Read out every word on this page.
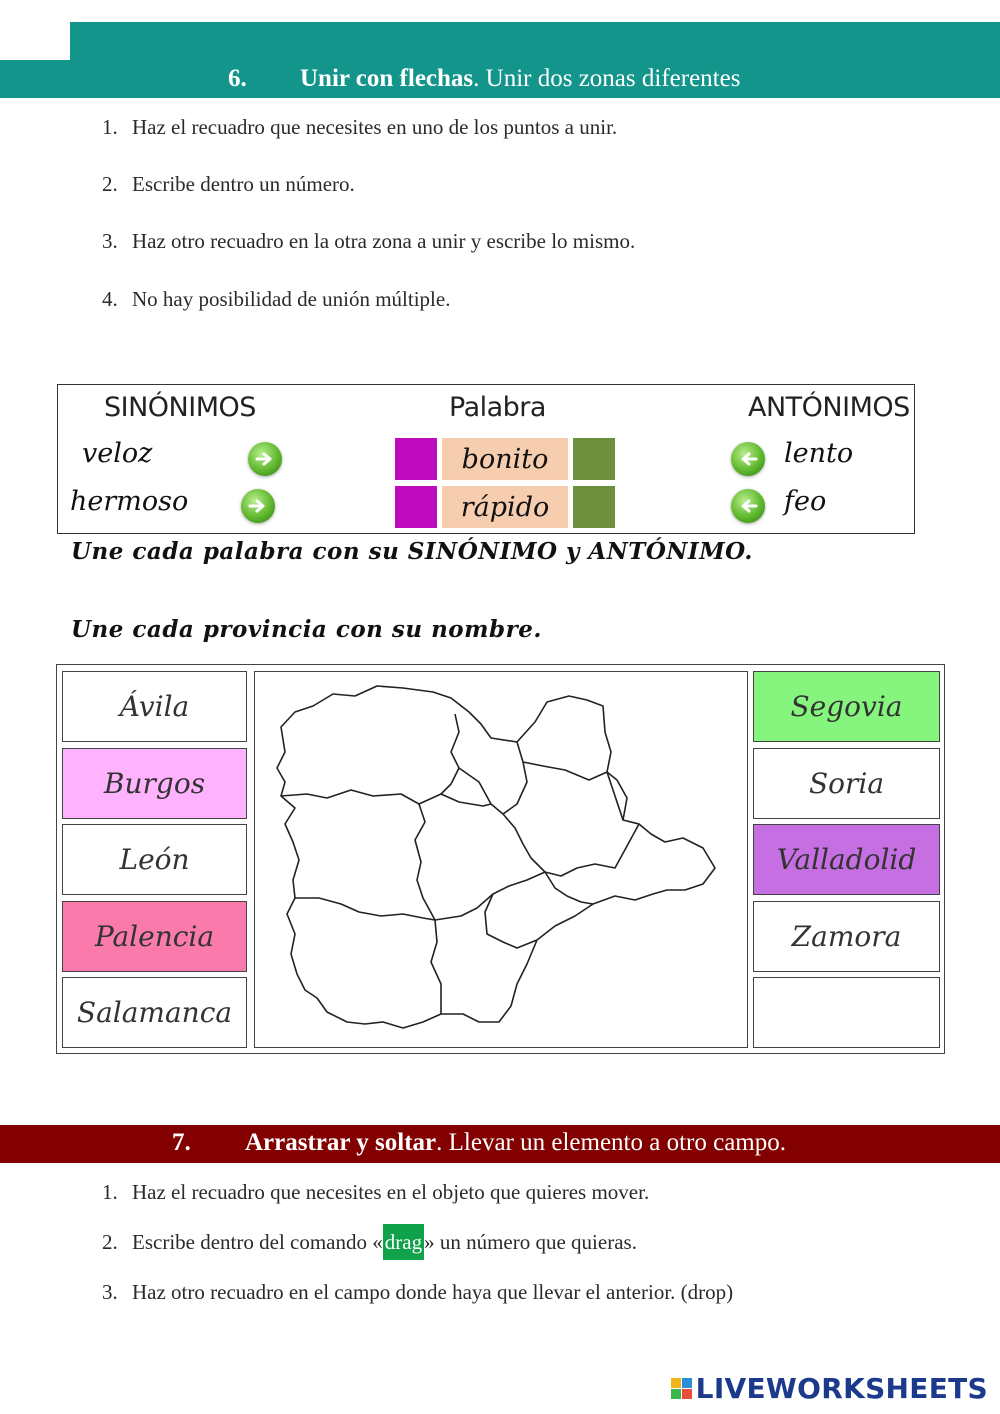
6. Unir con flechas. Unir dos zonas diferentes
1. Haz el recuadro que necesites en uno de los puntos a unir.
2. Escribe dentro un número.
3. Haz otro recuadro en la otra zona a unir y escribe lo mismo.
4. No hay posibilidad de unión múltiple.
SINÓNIMOS	Palabra	ANTÓNIMOS
veloz	bonito	lento
hermoso	rápido	feo
Une cada palabra con su SINÓNIMO y ANTÓNIMO.
Une cada provincia con su nombre.
Ávila
Burgos
León
Palencia
Salamanca
Segovia
Soria
Valladolid
Zamora
7. Arrastrar y soltar. Llevar un elemento a otro campo.
1. Haz el recuadro que necesites en el objeto que quieres mover.
2. Escribe dentro del comando «drag» un número que quieras.
3. Haz otro recuadro en el campo donde haya que llevar el anterior. (drop)
LIVEWORKSHEETS
